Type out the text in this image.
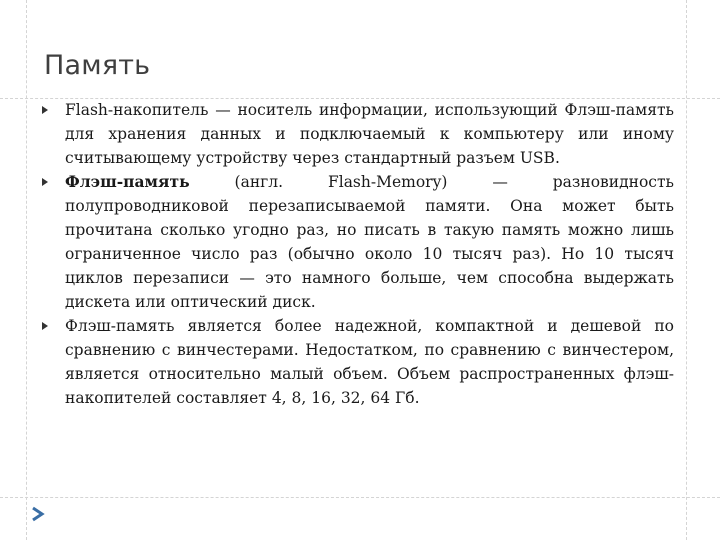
Память

Flash-накопитель — носитель информации, использующий Флэш-память для хранения данных и подключаемый к компьютеру или иному считывающему устройству через стандартный разъем USB.

Флэш-память (англ. Flash-Memory) — разновидность полупроводниковой перезаписываемой памяти. Она может быть прочитана сколько угодно раз, но писать в такую память можно лишь ограниченное число раз (обычно около 10 тысяч раз). Но 10 тысяч циклов перезаписи — это намного больше, чем способна выдержать дискета или оптический диск.

Флэш-память является более надежной, компактной и дешевой по сравнению с винчестерами. Недостатком, по сравнению с винчестером, является относительно малый объем. Объем распространенных флэш-накопителей составляет 4, 8, 16, 32, 64 Гб.
